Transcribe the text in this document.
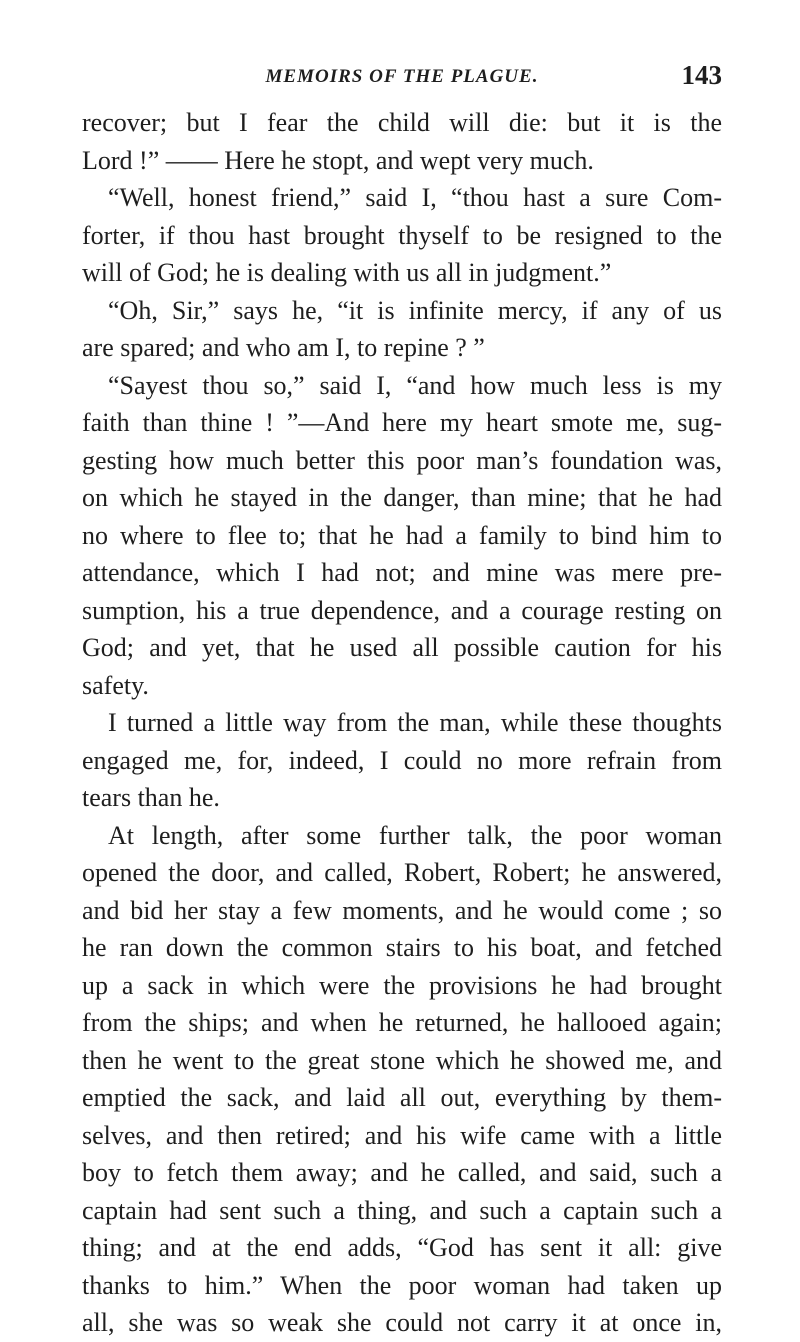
MEMOIRS OF THE PLAGUE.	143
recover; but I fear the child will die: but it is the
Lord !” —— Here he stopt, and wept very much.
“Well, honest friend,” said I, “thou hast a sure Com-
forter, if thou hast brought thyself to be resigned to the
will of God; he is dealing with us all in judgment.”
“Oh, Sir,” says he, “it is infinite mercy, if any of us
are spared; and who am I, to repine ? ”
“Sayest thou so,” said I, “and how much less is my
faith than thine ! ”—And here my heart smote me, sug-
gesting how much better this poor man’s foundation was,
on which he stayed in the danger, than mine; that he had
no where to flee to; that he had a family to bind him to
attendance, which I had not; and mine was mere pre-
sumption, his a true dependence, and a courage resting on
God; and yet, that he used all possible caution for his
safety.
I turned a little way from the man, while these thoughts
engaged me, for, indeed, I could no more refrain from
tears than he.
At length, after some further talk, the poor woman
opened the door, and called, Robert, Robert; he answered,
and bid her stay a few moments, and he would come ; so
he ran down the common stairs to his boat, and fetched
up a sack in which were the provisions he had brought
from the ships; and when he returned, he hallooed again;
then he went to the great stone which he showed me, and
emptied the sack, and laid all out, everything by them-
selves, and then retired; and his wife came with a little
boy to fetch them away; and he called, and said, such a
captain had sent such a thing, and such a captain such a
thing; and at the end adds, “God has sent it all: give
thanks to him.” When the poor woman had taken up
all, she was so weak she could not carry it at once in,
